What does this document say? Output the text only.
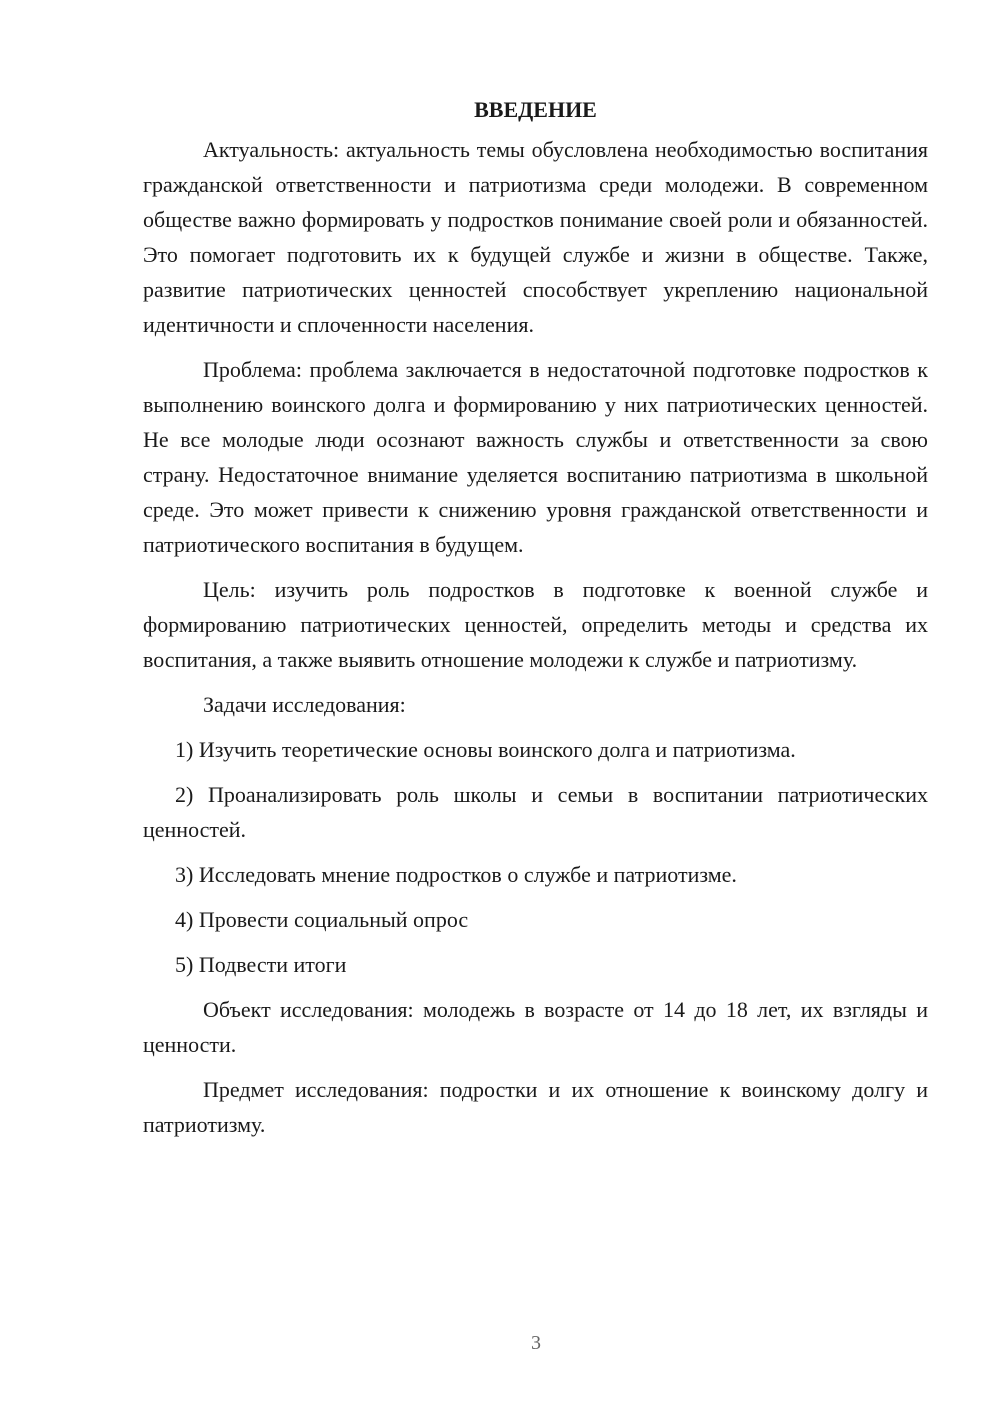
ВВЕДЕНИЕ

Актуальность: актуальность темы обусловлена необходимостью воспитания гражданской ответственности и патриотизма среди молодежи. В современном обществе важно формировать у подростков понимание своей роли и обязанностей. Это помогает подготовить их к будущей службе и жизни в обществе. Также, развитие патриотических ценностей способствует укреплению национальной идентичности и сплоченности населения.

Проблема: проблема заключается в недостаточной подготовке подростков к выполнению воинского долга и формированию у них патриотических ценностей. Не все молодые люди осознают важность службы и ответственности за свою страну. Недостаточное внимание уделяется воспитанию патриотизма в школьной среде. Это может привести к снижению уровня гражданской ответственности и патриотического воспитания в будущем.

Цель: изучить роль подростков в подготовке к военной службе и формированию патриотических ценностей, определить методы и средства их воспитания, а также выявить отношение молодежи к службе и патриотизму.

Задачи исследования:

1) Изучить теоретические основы воинского долга и патриотизма.

2) Проанализировать роль школы и семьи в воспитании патриотических ценностей.

3) Исследовать мнение подростков о службе и патриотизме.

4) Провести социальный опрос

5) Подвести итоги

Объект исследования: молодежь в возрасте от 14 до 18 лет, их взгляды и ценности.

Предмет исследования: подростки и их отношение к воинскому долгу и патриотизму.

3
